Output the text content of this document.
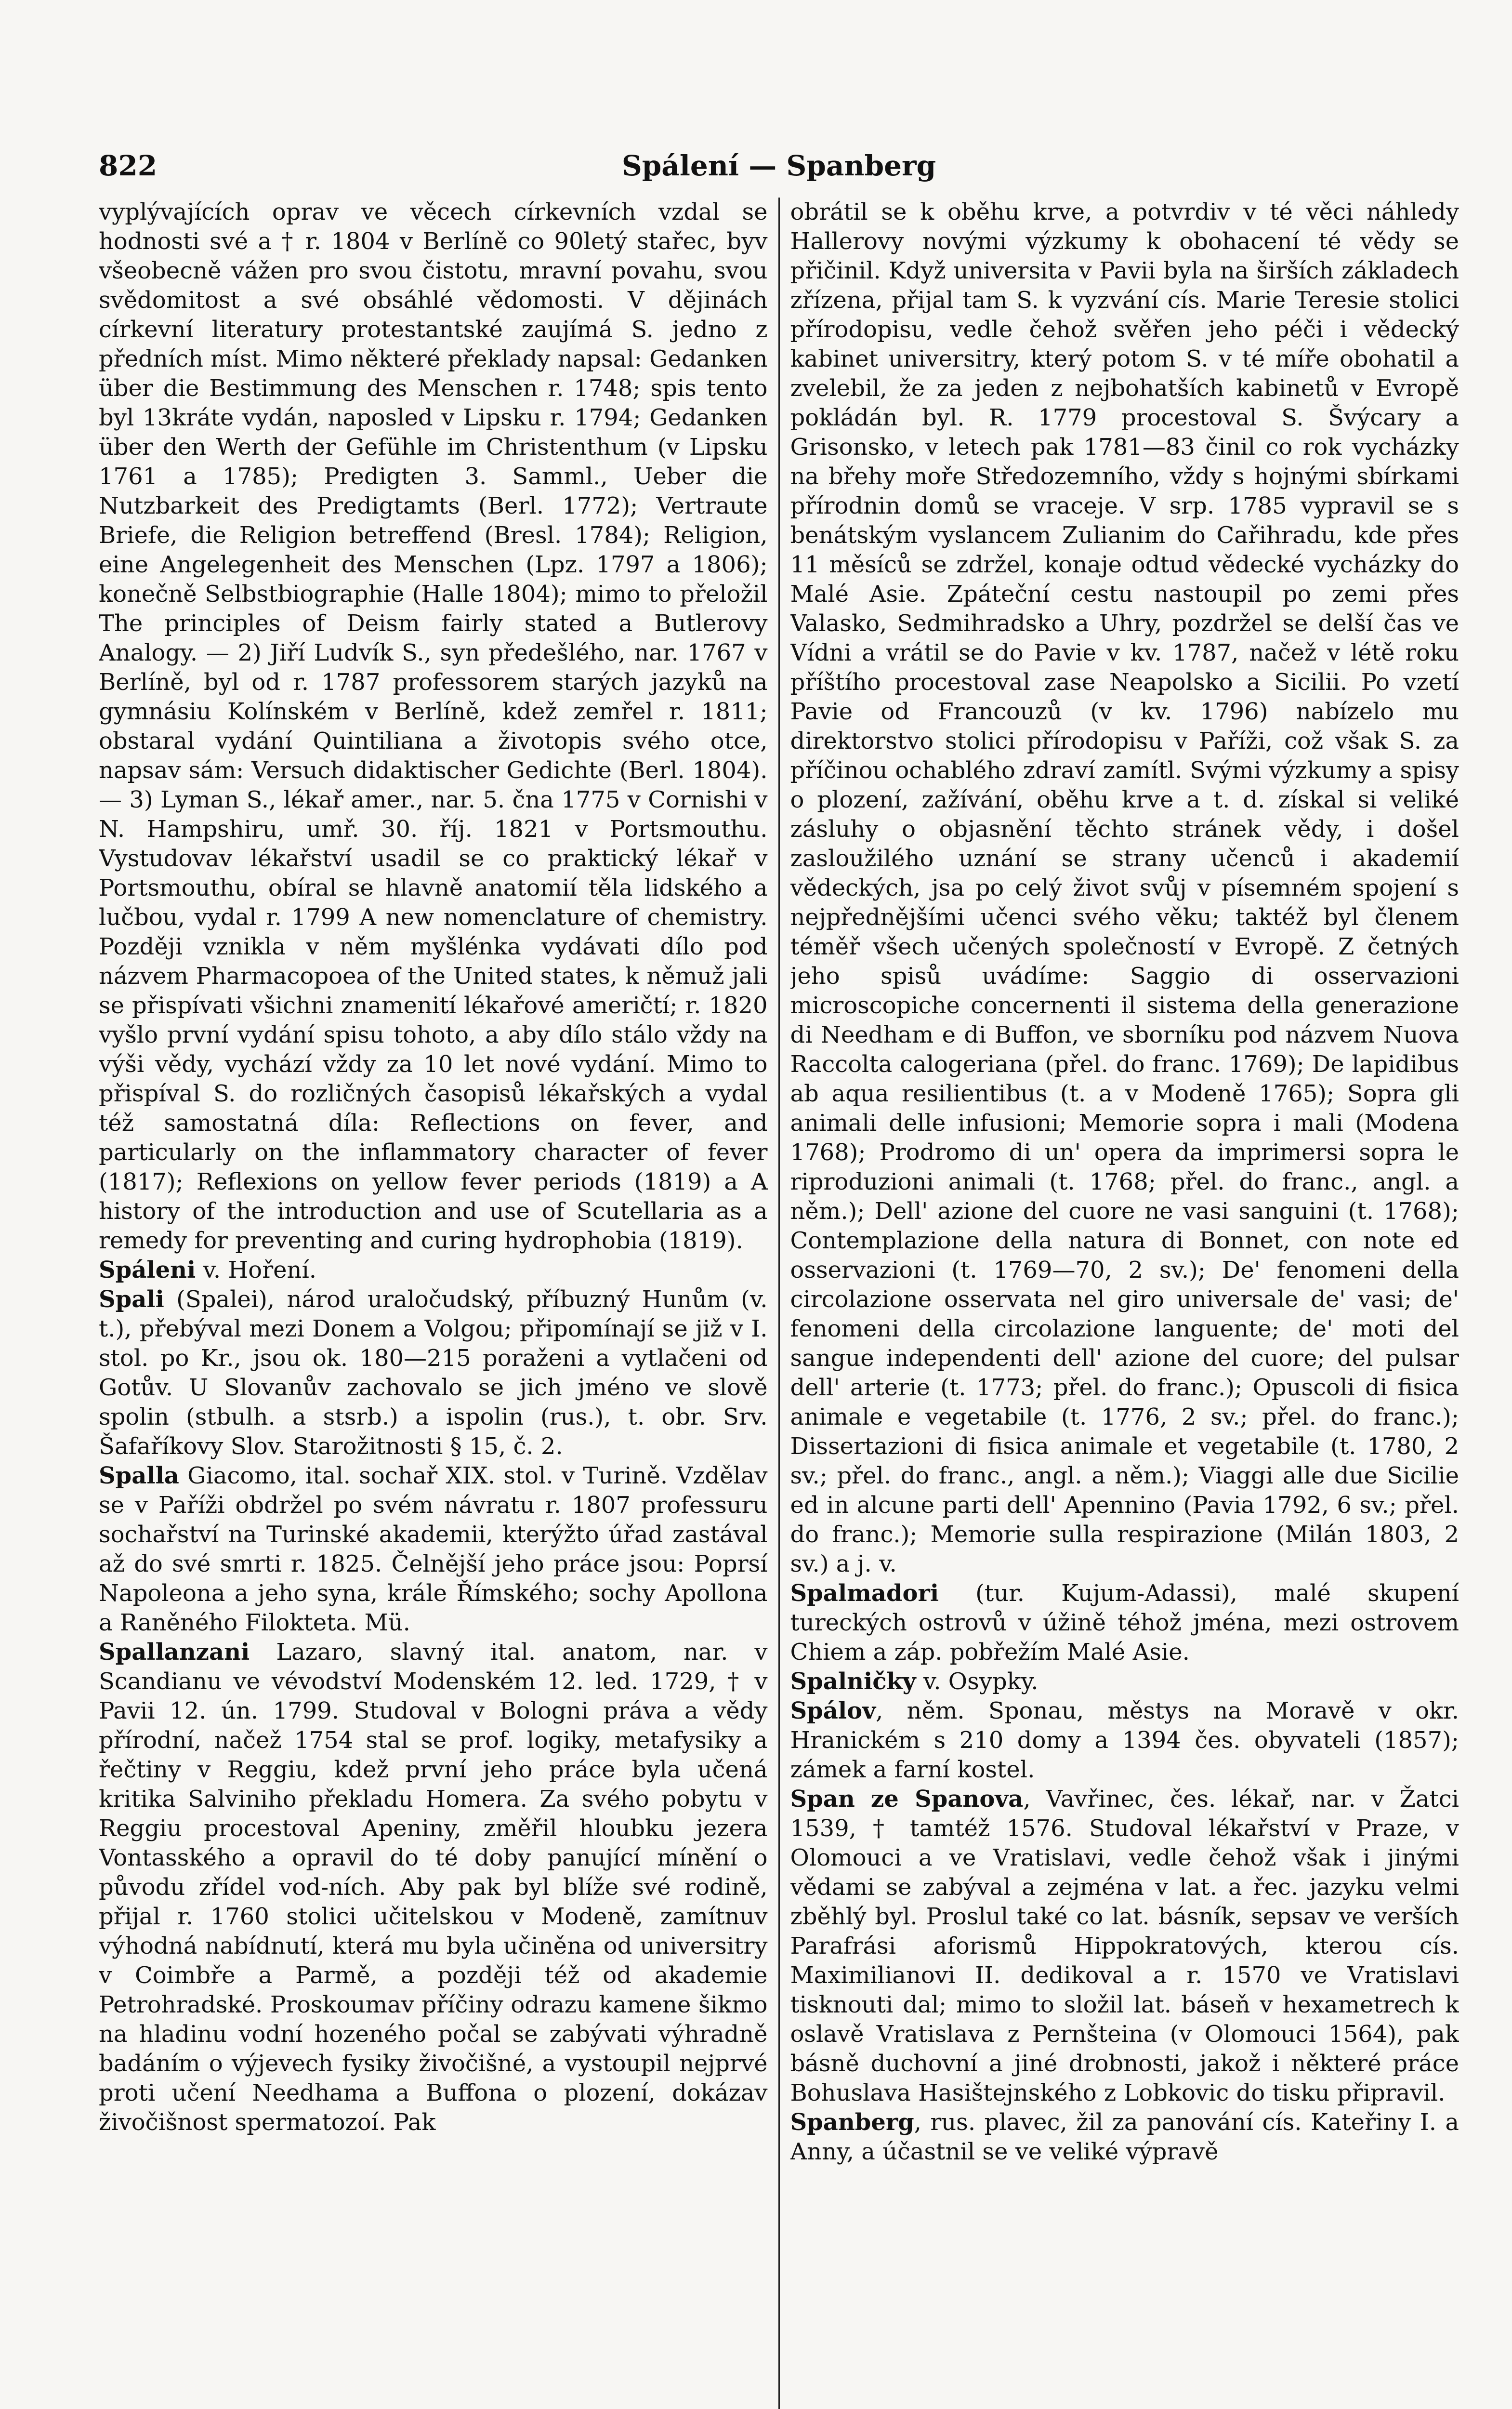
822	Spálení — Spanberg

vyplývajících oprav ve věcech církevních vzdal se hodnosti své a † r. 1804 v Berlíně co 90letý stařec, byv všeobecně vážen pro svou čistotu, mravní povahu, svou svědomitost a své obsáhlé vědomosti. V dějinách církevní literatury protestantské zaujímá S. jedno z předních míst. Mimo některé překlady napsal: Gedanken über die Bestimmung des Menschen r. 1748; spis tento byl 13kráte vydán, naposled v Lipsku r. 1794; Gedanken über den Werth der Gefühle im Christenthum (v Lipsku 1761 a 1785); Predigten 3. Samml., Ueber die Nutzbarkeit des Predigtamts (Berl. 1772); Vertraute Briefe, die Religion betreffend (Bresl. 1784); Religion, eine Angelegenheit des Menschen (Lpz. 1797 a 1806); konečně Selbstbiographie (Halle 1804); mimo to přeložil The principles of Deism fairly stated a Butlerovy Analogy. — 2) Jiří Ludvík S., syn předešlého, nar. 1767 v Berlíně, byl od r. 1787 professorem starých jazyků na gymnásiu Kolínském v Berlíně, kdež zemřel r. 1811; obstaral vydání Quintiliana a životopis svého otce, napsav sám: Versuch didaktischer Gedichte (Berl. 1804). — 3) Lyman S., lékař amer., nar. 5. čna 1775 v Cornishi v N. Hampshiru, umř. 30. říj. 1821 v Portsmouthu. Vystudovav lékařství usadil se co praktický lékař v Portsmouthu, obíral se hlavně anatomií těla lidského a lučbou, vydal r. 1799 A new nomenclature of chemistry. Později vznikla v něm myšlénka vydávati dílo pod názvem Pharmacopoea of the United states, k němuž jali se přispívati všichni znamenití lékařové američtí; r. 1820 vyšlo první vydání spisu tohoto, a aby dílo stálo vždy na výši vědy, vychází vždy za 10 let nové vydání. Mimo to přispíval S. do rozličných časopisů lékařských a vydal též samostatná díla: Reflections on fever, and particularly on the inflammatory character of fever (1817); Reflexions on yellow fever periods (1819) a A history of the introduction and use of Scutellaria as a remedy for preventing and curing hydrophobia (1819).

Spáleni v. Hoření.

Spali (Spalei), národ uraločudský, příbuzný Hunům (v. t.), přebýval mezi Donem a Volgou; připomínají se již v I. stol. po Kr., jsou ok. 180—215 poraženi a vytlačeni od Gotův. U Slovanův zachovalo se jich jméno ve slově spolin (stbulh. a stsrb.) a ispolin (rus.), t. obr. Srv. Šafaříkovy Slov. Starožitnosti § 15, č. 2.

Spalla Giacomo, ital. sochař XIX. stol. v Turině. Vzdělav se v Paříži obdržel po svém návratu r. 1807 professuru sochařství na Turinské akademii, kterýžto úřad zastával až do své smrti r. 1825. Čelnější jeho práce jsou: Poprsí Napoleona a jeho syna, krále Římského; sochy Apollona a Raněného Filokteta. Mü.

Spallanzani Lazaro, slavný ital. anatom, nar. v Scandianu ve vévodství Modenském 12. led. 1729, † v Pavii 12. ún. 1799. Studoval v Bologni práva a vědy přírodní, načež 1754 stal se prof. logiky, metafysiky a řečtiny v Reggiu, kdež první jeho práce byla učená kritika Salviniho překladu Homera. Za svého pobytu v Reggiu procestoval Apeniny, změřil hloubku jezera Vontasského a opravil do té doby panující mínění o původu zřídel vod-ních. Aby pak byl blíže své rodině, přijal r. 1760 stolici učitelskou v Modeně, zamítnuv výhodná nabídnutí, která mu byla učiněna od universitry v Coimbře a Parmě, a později též od akademie Petrohradské. Proskoumav příčiny odrazu kamene šikmo na hladinu vodní hozeného počal se zabývati výhradně badáním o výjevech fysiky živočišné, a vystoupil nejprvé proti učení Needhama a Buffona o plození, dokázav živočišnost spermatozoí. Pak

obrátil se k oběhu krve, a potvrdiv v té věci náhledy Hallerovy novými výzkumy k obohacení té vědy se přičinil. Když universita v Pavii byla na širších základech zřízena, přijal tam S. k vyzvání cís. Marie Teresie stolici přírodopisu, vedle čehož svěřen jeho péči i vědecký kabinet universitry, který potom S. v té míře obohatil a zvelebil, že za jeden z nejbohatších kabinetů v Evropě pokládán byl. R. 1779 procestoval S. Švýcary a Grisonsko, v letech pak 1781—83 činil co rok vycházky na břehy moře Středozemního, vždy s hojnými sbírkami přírodnin domů se vraceje. V srp. 1785 vypravil se s benátským vyslancem Zulianim do Cařihradu, kde přes 11 měsíců se zdržel, konaje odtud vědecké vycházky do Malé Asie. Zpáteční cestu nastoupil po zemi přes Valasko, Sedmihradsko a Uhry, pozdržel se delší čas ve Vídni a vrátil se do Pavie v kv. 1787, načež v létě roku příštího procestoval zase Neapolsko a Sicilii. Po vzetí Pavie od Francouzů (v kv. 1796) nabízelo mu direktorstvo stolici přírodopisu v Paříži, což však S. za příčinou ochablého zdraví zamítl. Svými výzkumy a spisy o plození, zažívání, oběhu krve a t. d. získal si veliké zásluhy o objasnění těchto stránek vědy, i došel zasloužilého uznání se strany učenců i akademií vědeckých, jsa po celý život svůj v písemném spojení s nejpřednějšími učenci svého věku; taktéž byl členem téměř všech učených společností v Evropě. Z četných jeho spisů uvádíme: Saggio di osservazioni microscopiche concernenti il sistema della generazione di Needham e di Buffon, ve sborníku pod názvem Nuova Raccolta calogeriana (přel. do franc. 1769); De lapidibus ab aqua resilientibus (t. a v Modeně 1765); Sopra gli animali delle infusioni; Memorie sopra i mali (Modena 1768); Prodromo di un' opera da imprimersi sopra le riproduzioni animali (t. 1768; přel. do franc., angl. a něm.); Dell' azione del cuore ne vasi sanguini (t. 1768); Contemplazione della natura di Bonnet, con note ed osservazioni (t. 1769—70, 2 sv.); De' fenomeni della circolazione osservata nel giro universale de' vasi; de' fenomeni della circolazione languente; de' moti del sangue independenti dell' azione del cuore; del pulsar dell' arterie (t. 1773; přel. do franc.); Opuscoli di fisica animale e vegetabile (t. 1776, 2 sv.; přel. do franc.); Dissertazioni di fisica animale et vegetabile (t. 1780, 2 sv.; přel. do franc., angl. a něm.); Viaggi alle due Sicilie ed in alcune parti dell' Apennino (Pavia 1792, 6 sv.; přel. do franc.); Memorie sulla respirazione (Milán 1803, 2 sv.) a j. v.

Spalmadori (tur. Kujum-Adassi), malé skupení tureckých ostrovů v úžině téhož jména, mezi ostrovem Chiem a záp. pobřežím Malé Asie.

Spalničky v. Osypky.

Spálov, něm. Sponau, městys na Moravě v okr. Hranickém s 210 domy a 1394 čes. obyvateli (1857); zámek a farní kostel.

Span ze Spanova, Vavřinec, čes. lékař, nar. v Žatci 1539, † tamtéž 1576. Studoval lékařství v Praze, v Olomouci a ve Vratislavi, vedle čehož však i jinými vědami se zabýval a zejména v lat. a řec. jazyku velmi zběhlý byl. Proslul také co lat. básník, sepsav ve verších Parafrási aforismů Hippokratových, kterou cís. Maximilianovi II. dedikoval a r. 1570 ve Vratislavi tisknouti dal; mimo to složil lat. báseň v hexametrech k oslavě Vratislava z Pernšteina (v Olomouci 1564), pak básně duchovní a jiné drobnosti, jakož i některé práce Bohuslava Hasištejnského z Lobkovic do tisku připravil.

Spanberg, rus. plavec, žil za panování cís. Kateřiny I. a Anny, a účastnil se ve veliké výpravě
